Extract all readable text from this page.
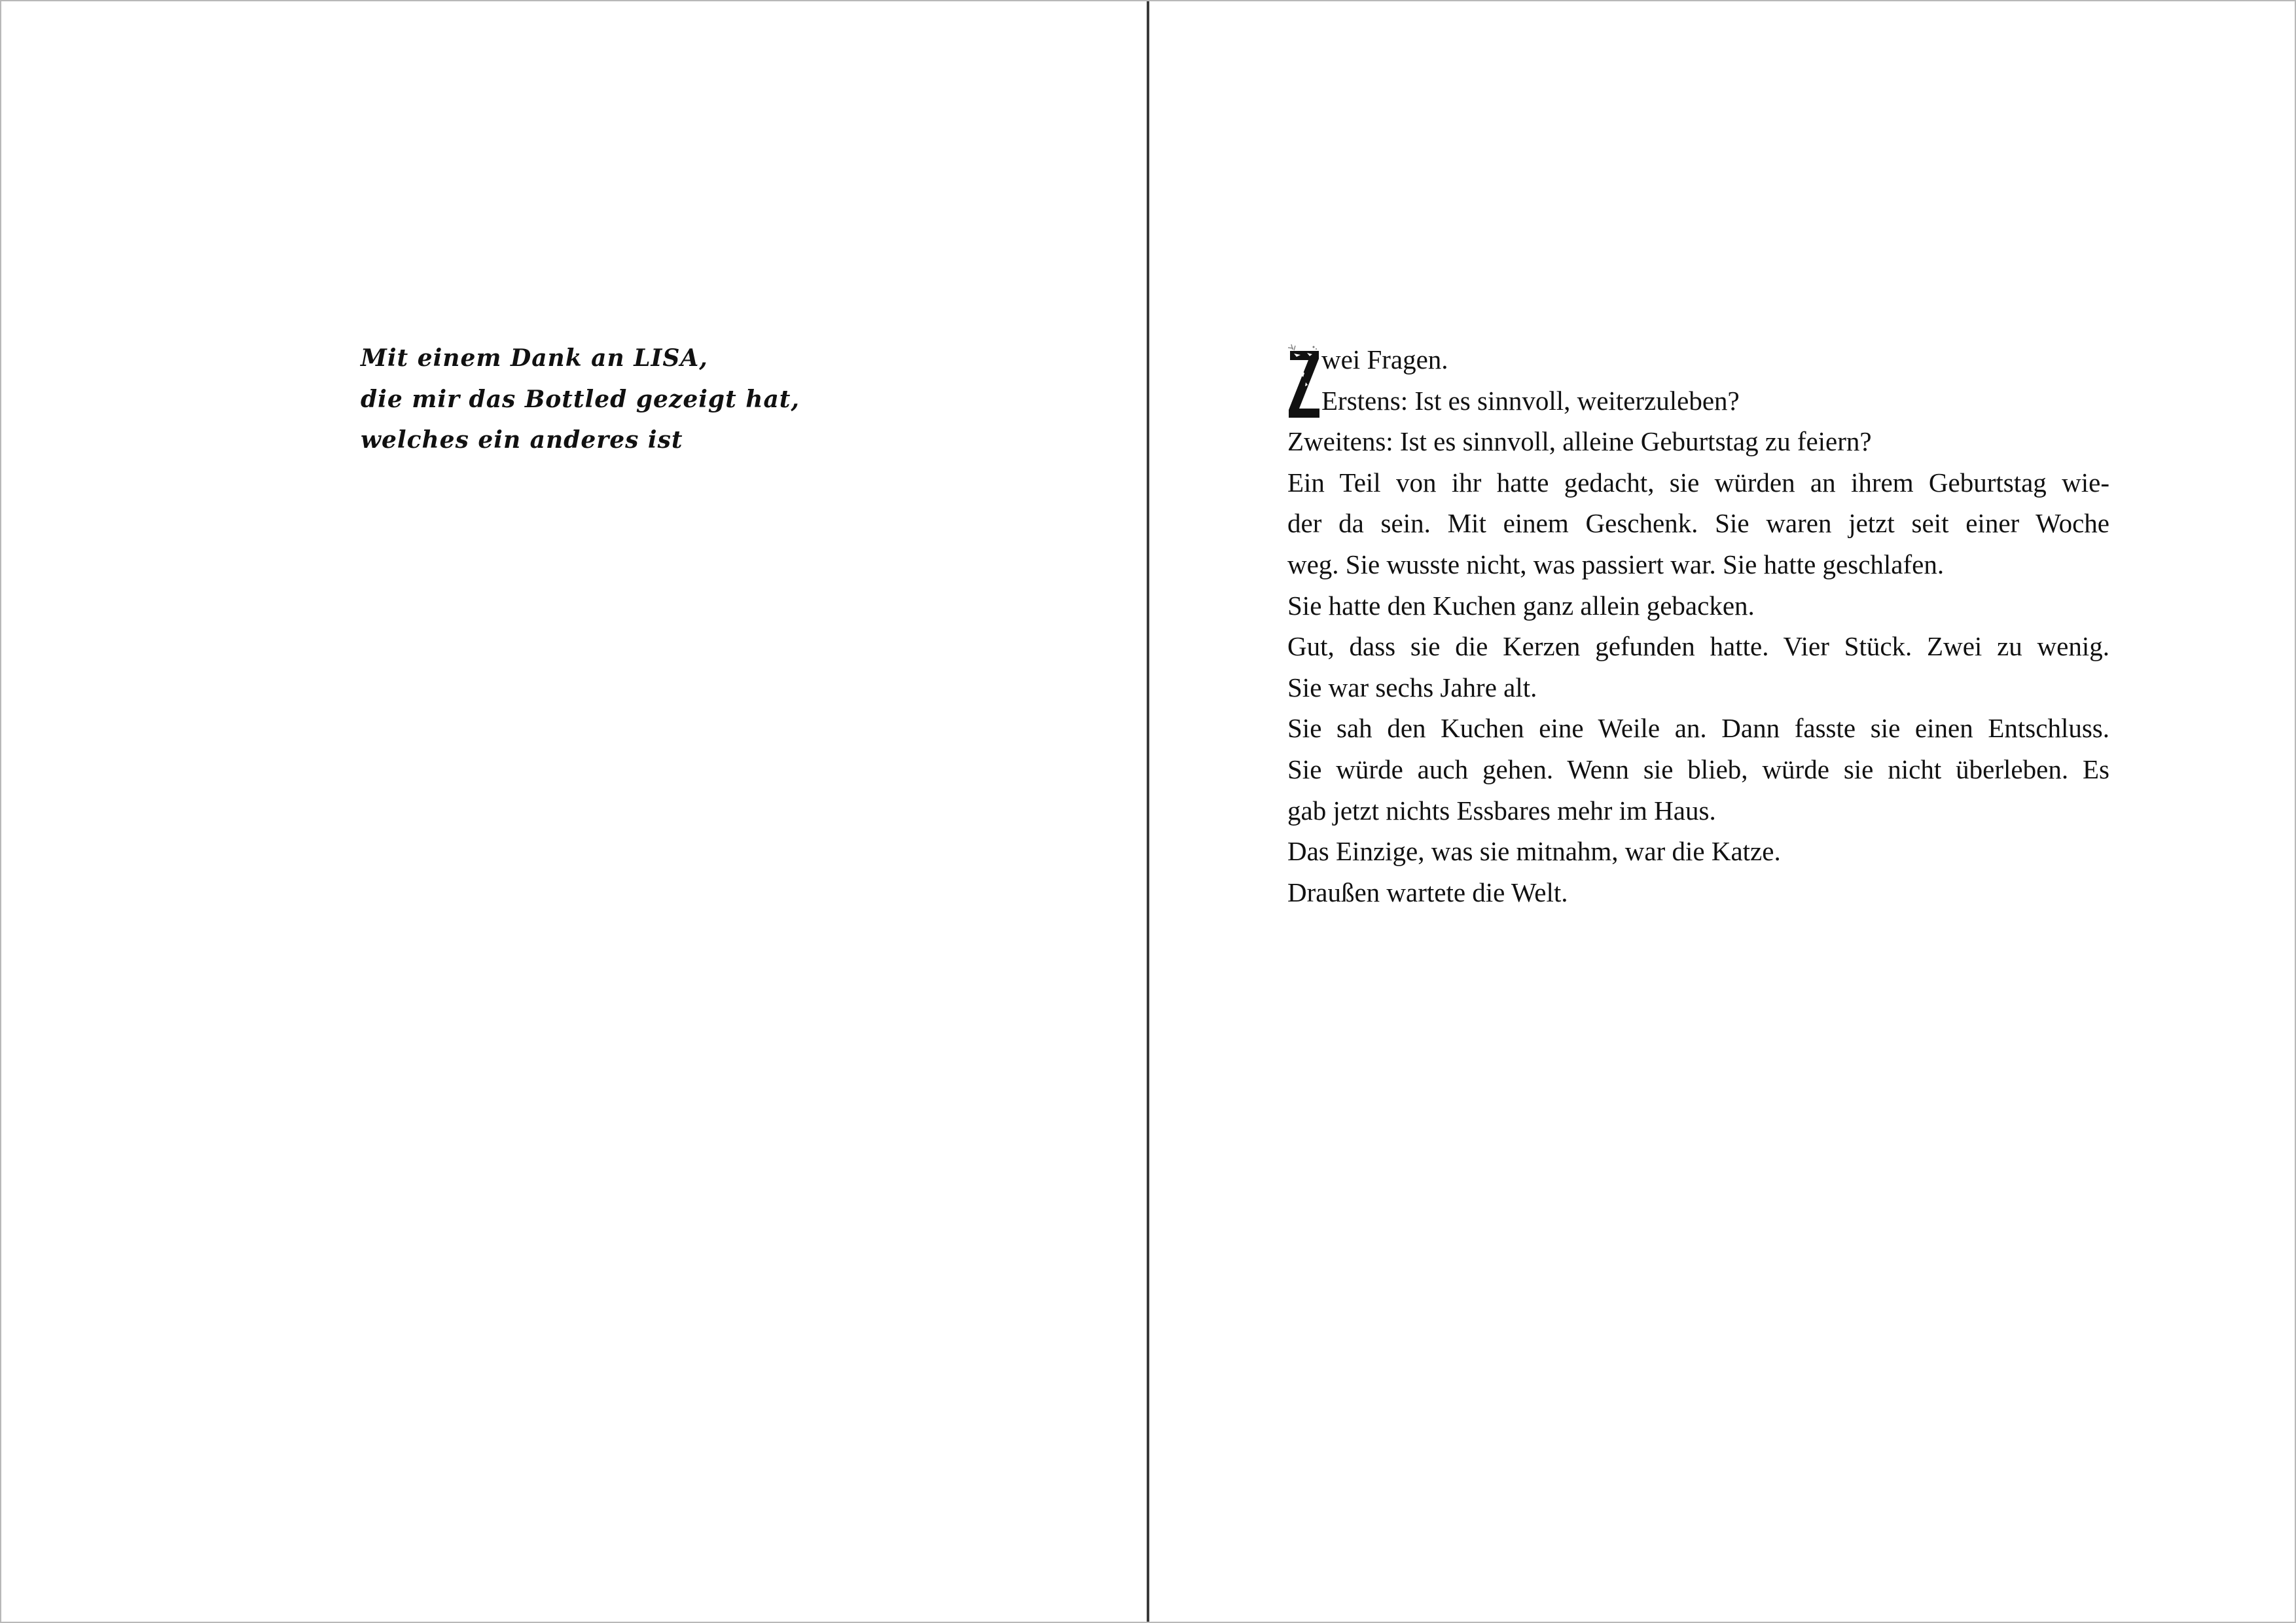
Mit einem Dank an LISA,
die mir das Bottled gezeigt hat,
welches ein anderes ist
wei Fragen.
Erstens: Ist es sinnvoll, weiterzuleben?
Zweitens: Ist es sinnvoll, alleine Geburtstag zu feiern?
Ein Teil von ihr hatte gedacht, sie würden an ihrem Geburtstag wie-
der da sein. Mit einem Geschenk. Sie waren jetzt seit einer Woche
weg. Sie wusste nicht, was passiert war. Sie hatte geschlafen.
Sie hatte den Kuchen ganz allein gebacken.
Gut, dass sie die Kerzen gefunden hatte. Vier Stück. Zwei zu wenig.
Sie war sechs Jahre alt.
Sie sah den Kuchen eine Weile an. Dann fasste sie einen Entschluss.
Sie würde auch gehen. Wenn sie blieb, würde sie nicht überleben. Es
gab jetzt nichts Essbares mehr im Haus.
Das Einzige, was sie mitnahm, war die Katze.
Draußen wartete die Welt.
